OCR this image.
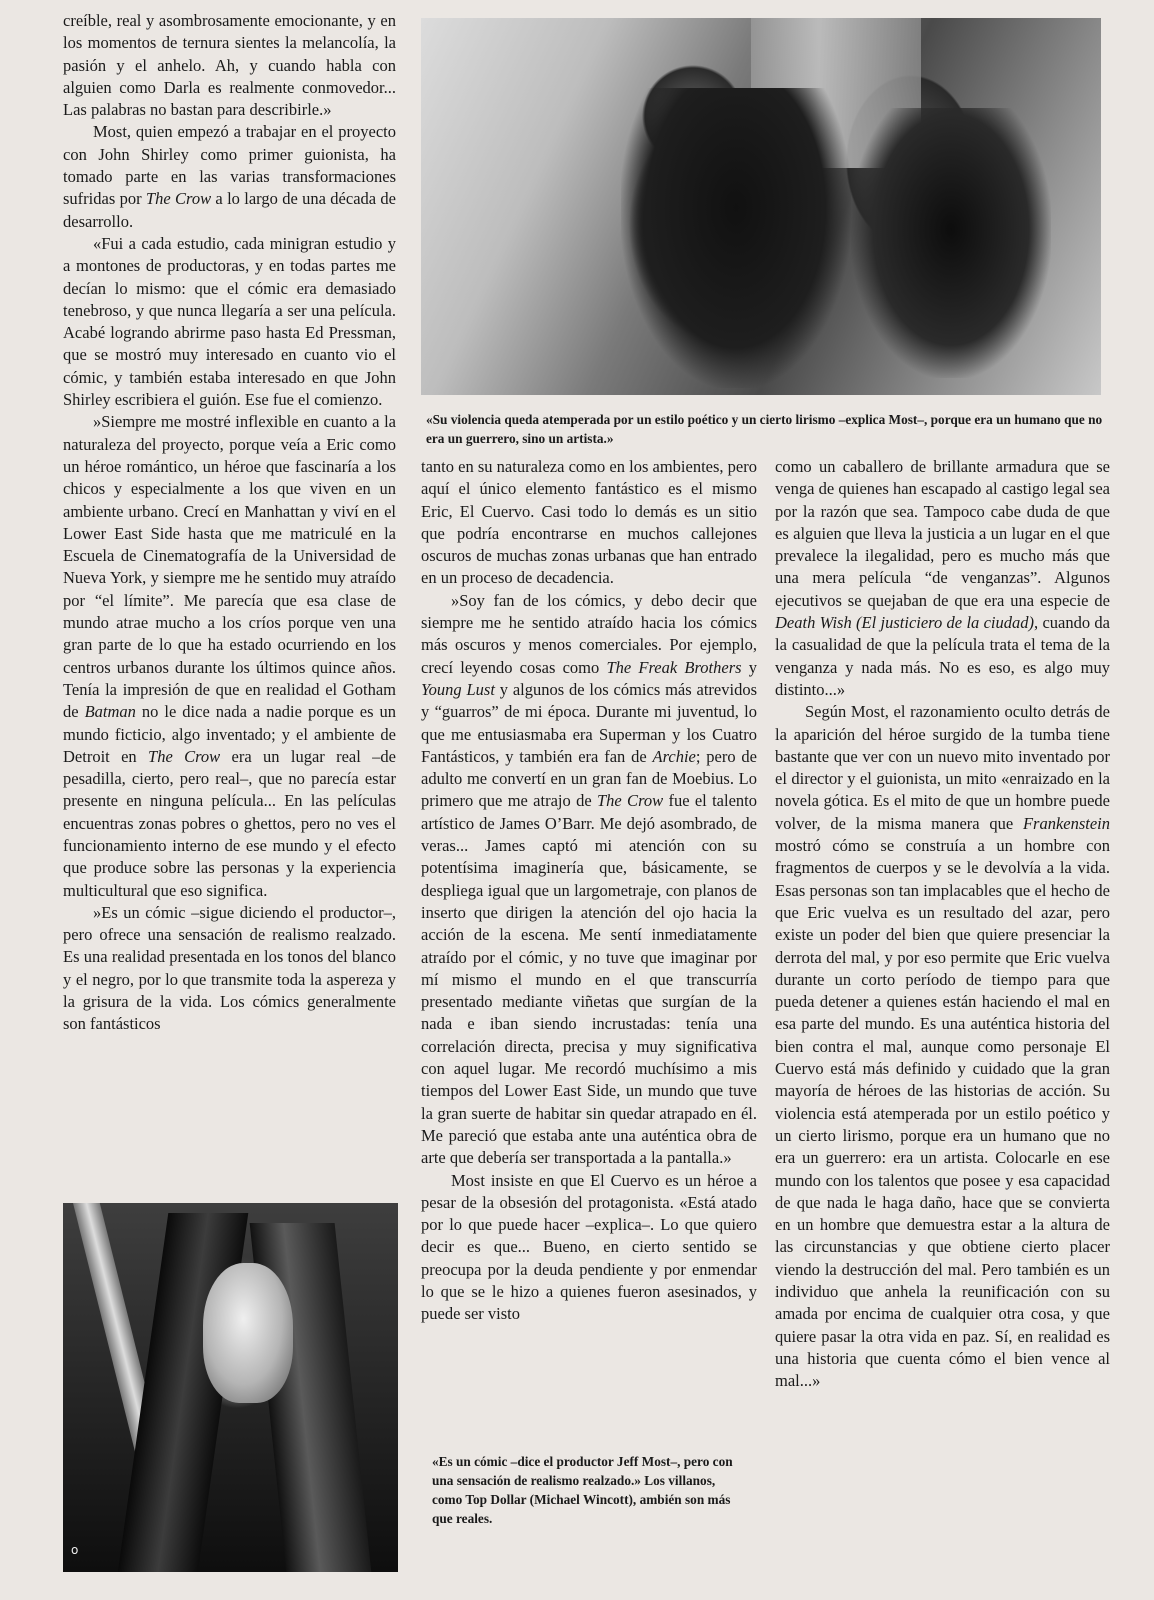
creíble, real y asombrosamente emocionante, y en los momentos de ternura sientes la melancolía, la pasión y el anhelo. Ah, y cuando habla con alguien como Darla es realmente conmovedor... Las palabras no bastan para describirle.»

Most, quien empezó a trabajar en el proyecto con John Shirley como primer guionista, ha tomado parte en las varias transformaciones sufridas por The Crow a lo largo de una década de desarrollo.

«Fui a cada estudio, cada minigran estudio y a montones de productoras, y en todas partes me decían lo mismo: que el cómic era demasiado tenebroso, y que nunca llegaría a ser una película. Acabé logrando abrirme paso hasta Ed Pressman, que se mostró muy interesado en cuanto vio el cómic, y también estaba interesado en que John Shirley escribiera el guión. Ese fue el comienzo.

»Siempre me mostré inflexible en cuanto a la naturaleza del proyecto, porque veía a Eric como un héroe romántico, un héroe que fascinaría a los chicos y especialmente a los que viven en un ambiente urbano. Crecí en Manhattan y viví en el Lower East Side hasta que me matriculé en la Escuela de Cinematografía de la Universidad de Nueva York, y siempre me he sentido muy atraído por “el límite”. Me parecía que esa clase de mundo atrae mucho a los críos porque ven una gran parte de lo que ha estado ocurriendo en los centros urbanos durante los últimos quince años. Tenía la impresión de que en realidad el Gotham de Batman no le dice nada a nadie porque es un mundo ficticio, algo inventado; y el ambiente de Detroit en The Crow era un lugar real –de pesadilla, cierto, pero real–, que no parecía estar presente en ninguna película... En las películas encuentras zonas pobres o ghettos, pero no ves el funcionamiento interno de ese mundo y el efecto que produce sobre las personas y la experiencia multicultural que eso significa.

»Es un cómic –sigue diciendo el productor–, pero ofrece una sensación de realismo realzado. Es una realidad presentada en los tonos del blanco y el negro, por lo que transmite toda la aspereza y la grisura de la vida. Los cómics generalmente son fantásticos

«Su violencia queda atemperada por un estilo poético y un cierto lirismo –explica Most–, porque era un humano que no era un guerrero, sino un artista.»

tanto en su naturaleza como en los ambientes, pero aquí el único elemento fantástico es el mismo Eric, El Cuervo. Casi todo lo demás es un sitio que podría encontrarse en muchos callejones oscuros de muchas zonas urbanas que han entrado en un proceso de decadencia.

»Soy fan de los cómics, y debo decir que siempre me he sentido atraído hacia los cómics más oscuros y menos comerciales. Por ejemplo, crecí leyendo cosas como The Freak Brothers y Young Lust y algunos de los cómics más atrevidos y “guarros” de mi época. Durante mi juventud, lo que me entusiasmaba era Superman y los Cuatro Fantásticos, y también era fan de Archie; pero de adulto me convertí en un gran fan de Moebius. Lo primero que me atrajo de The Crow fue el talento artístico de James O’Barr. Me dejó asombrado, de veras... James captó mi atención con su potentísima imaginería que, básicamente, se despliega igual que un largometraje, con planos de inserto que dirigen la atención del ojo hacia la acción de la escena. Me sentí inmediatamente atraído por el cómic, y no tuve que imaginar por mí mismo el mundo en el que transcurría presentado mediante viñetas que surgían de la nada e iban siendo incrustadas: tenía una correlación directa, precisa y muy significativa con aquel lugar. Me recordó muchísimo a mis tiempos del Lower East Side, un mundo que tuve la gran suerte de habitar sin quedar atrapado en él. Me pareció que estaba ante una auténtica obra de arte que debería ser transportada a la pantalla.»

Most insiste en que El Cuervo es un héroe a pesar de la obsesión del protagonista. «Está atado por lo que puede hacer –explica–. Lo que quiero decir es que... Bueno, en cierto sentido se preocupa por la deuda pendiente y por enmendar lo que se le hizo a quienes fueron asesinados, y puede ser visto

«Es un cómic –dice el productor Jeff Most–, pero con una sensación de realismo realzado.» Los villanos, como Top Dollar (Michael Wincott), ambién son más que reales.

como un caballero de brillante armadura que se venga de quienes han escapado al castigo legal sea por la razón que sea. Tampoco cabe duda de que es alguien que lleva la justicia a un lugar en el que prevalece la ilegalidad, pero es mucho más que una mera película “de venganzas”. Algunos ejecutivos se quejaban de que era una especie de Death Wish (El justiciero de la ciudad), cuando da la casualidad de que la película trata el tema de la venganza y nada más. No es eso, es algo muy distinto...»

Según Most, el razonamiento oculto detrás de la aparición del héroe surgido de la tumba tiene bastante que ver con un nuevo mito inventado por el director y el guionista, un mito «enraizado en la novela gótica. Es el mito de que un hombre puede volver, de la misma manera que Frankenstein mostró cómo se construía a un hombre con fragmentos de cuerpos y se le devolvía a la vida. Esas personas son tan implacables que el hecho de que Eric vuelva es un resultado del azar, pero existe un poder del bien que quiere presenciar la derrota del mal, y por eso permite que Eric vuelva durante un corto período de tiempo para que pueda detener a quienes están haciendo el mal en esa parte del mundo. Es una auténtica historia del bien contra el mal, aunque como personaje El Cuervo está más definido y cuidado que la gran mayoría de héroes de las historias de acción. Su violencia está atemperada por un estilo poético y un cierto lirismo, porque era un humano que no era un guerrero: era un artista. Colocarle en ese mundo con los talentos que posee y esa capacidad de que nada le haga daño, hace que se convierta en un hombre que demuestra estar a la altura de las circunstancias y que obtiene cierto placer viendo la destrucción del mal. Pero también es un individuo que anhela la reunificación con su amada por encima de cualquier otra cosa, y que quiere pasar la otra vida en paz. Sí, en realidad es una historia que cuenta cómo el bien vence al mal...»

o
